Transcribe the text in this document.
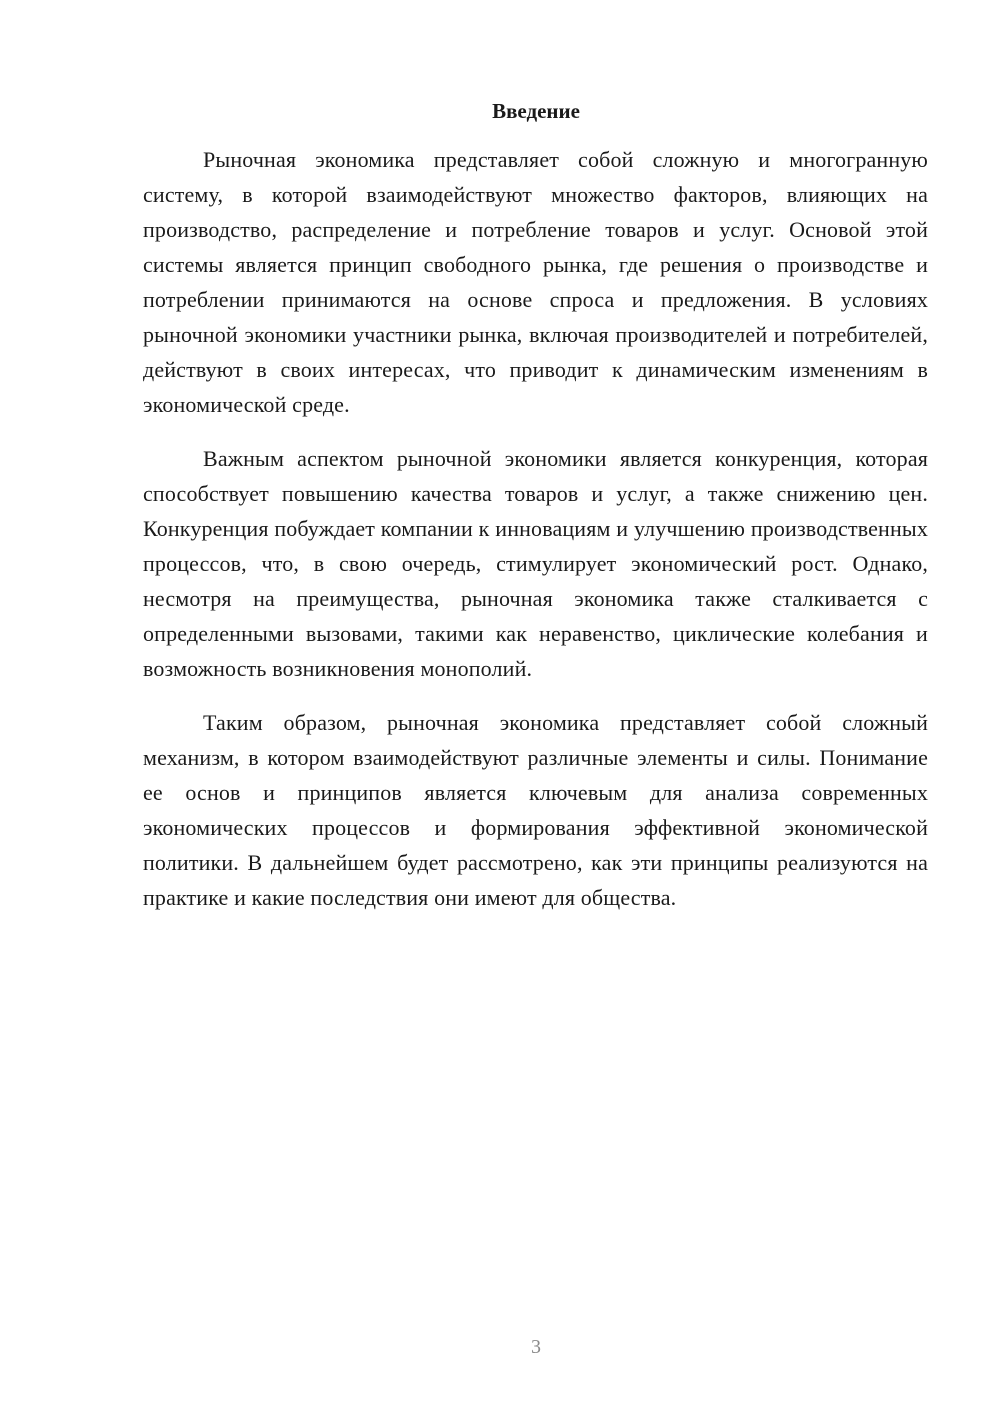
Введение

Рыночная экономика представляет собой сложную и многогранную систему, в которой взаимодействуют множество факторов, влияющих на производство, распределение и потребление товаров и услуг. Основой этой системы является принцип свободного рынка, где решения о производстве и потреблении принимаются на основе спроса и предложения. В условиях рыночной экономики участники рынка, включая производителей и потребителей, действуют в своих интересах, что приводит к динамическим изменениям в экономической среде.

Важным аспектом рыночной экономики является конкуренция, которая способствует повышению качества товаров и услуг, а также снижению цен. Конкуренция побуждает компании к инновациям и улучшению производственных процессов, что, в свою очередь, стимулирует экономический рост. Однако, несмотря на преимущества, рыночная экономика также сталкивается с определенными вызовами, такими как неравенство, циклические колебания и возможность возникновения монополий.

Таким образом, рыночная экономика представляет собой сложный механизм, в котором взаимодействуют различные элементы и силы. Понимание ее основ и принципов является ключевым для анализа современных экономических процессов и формирования эффективной экономической политики. В дальнейшем будет рассмотрено, как эти принципы реализуются на практике и какие последствия они имеют для общества.

3
